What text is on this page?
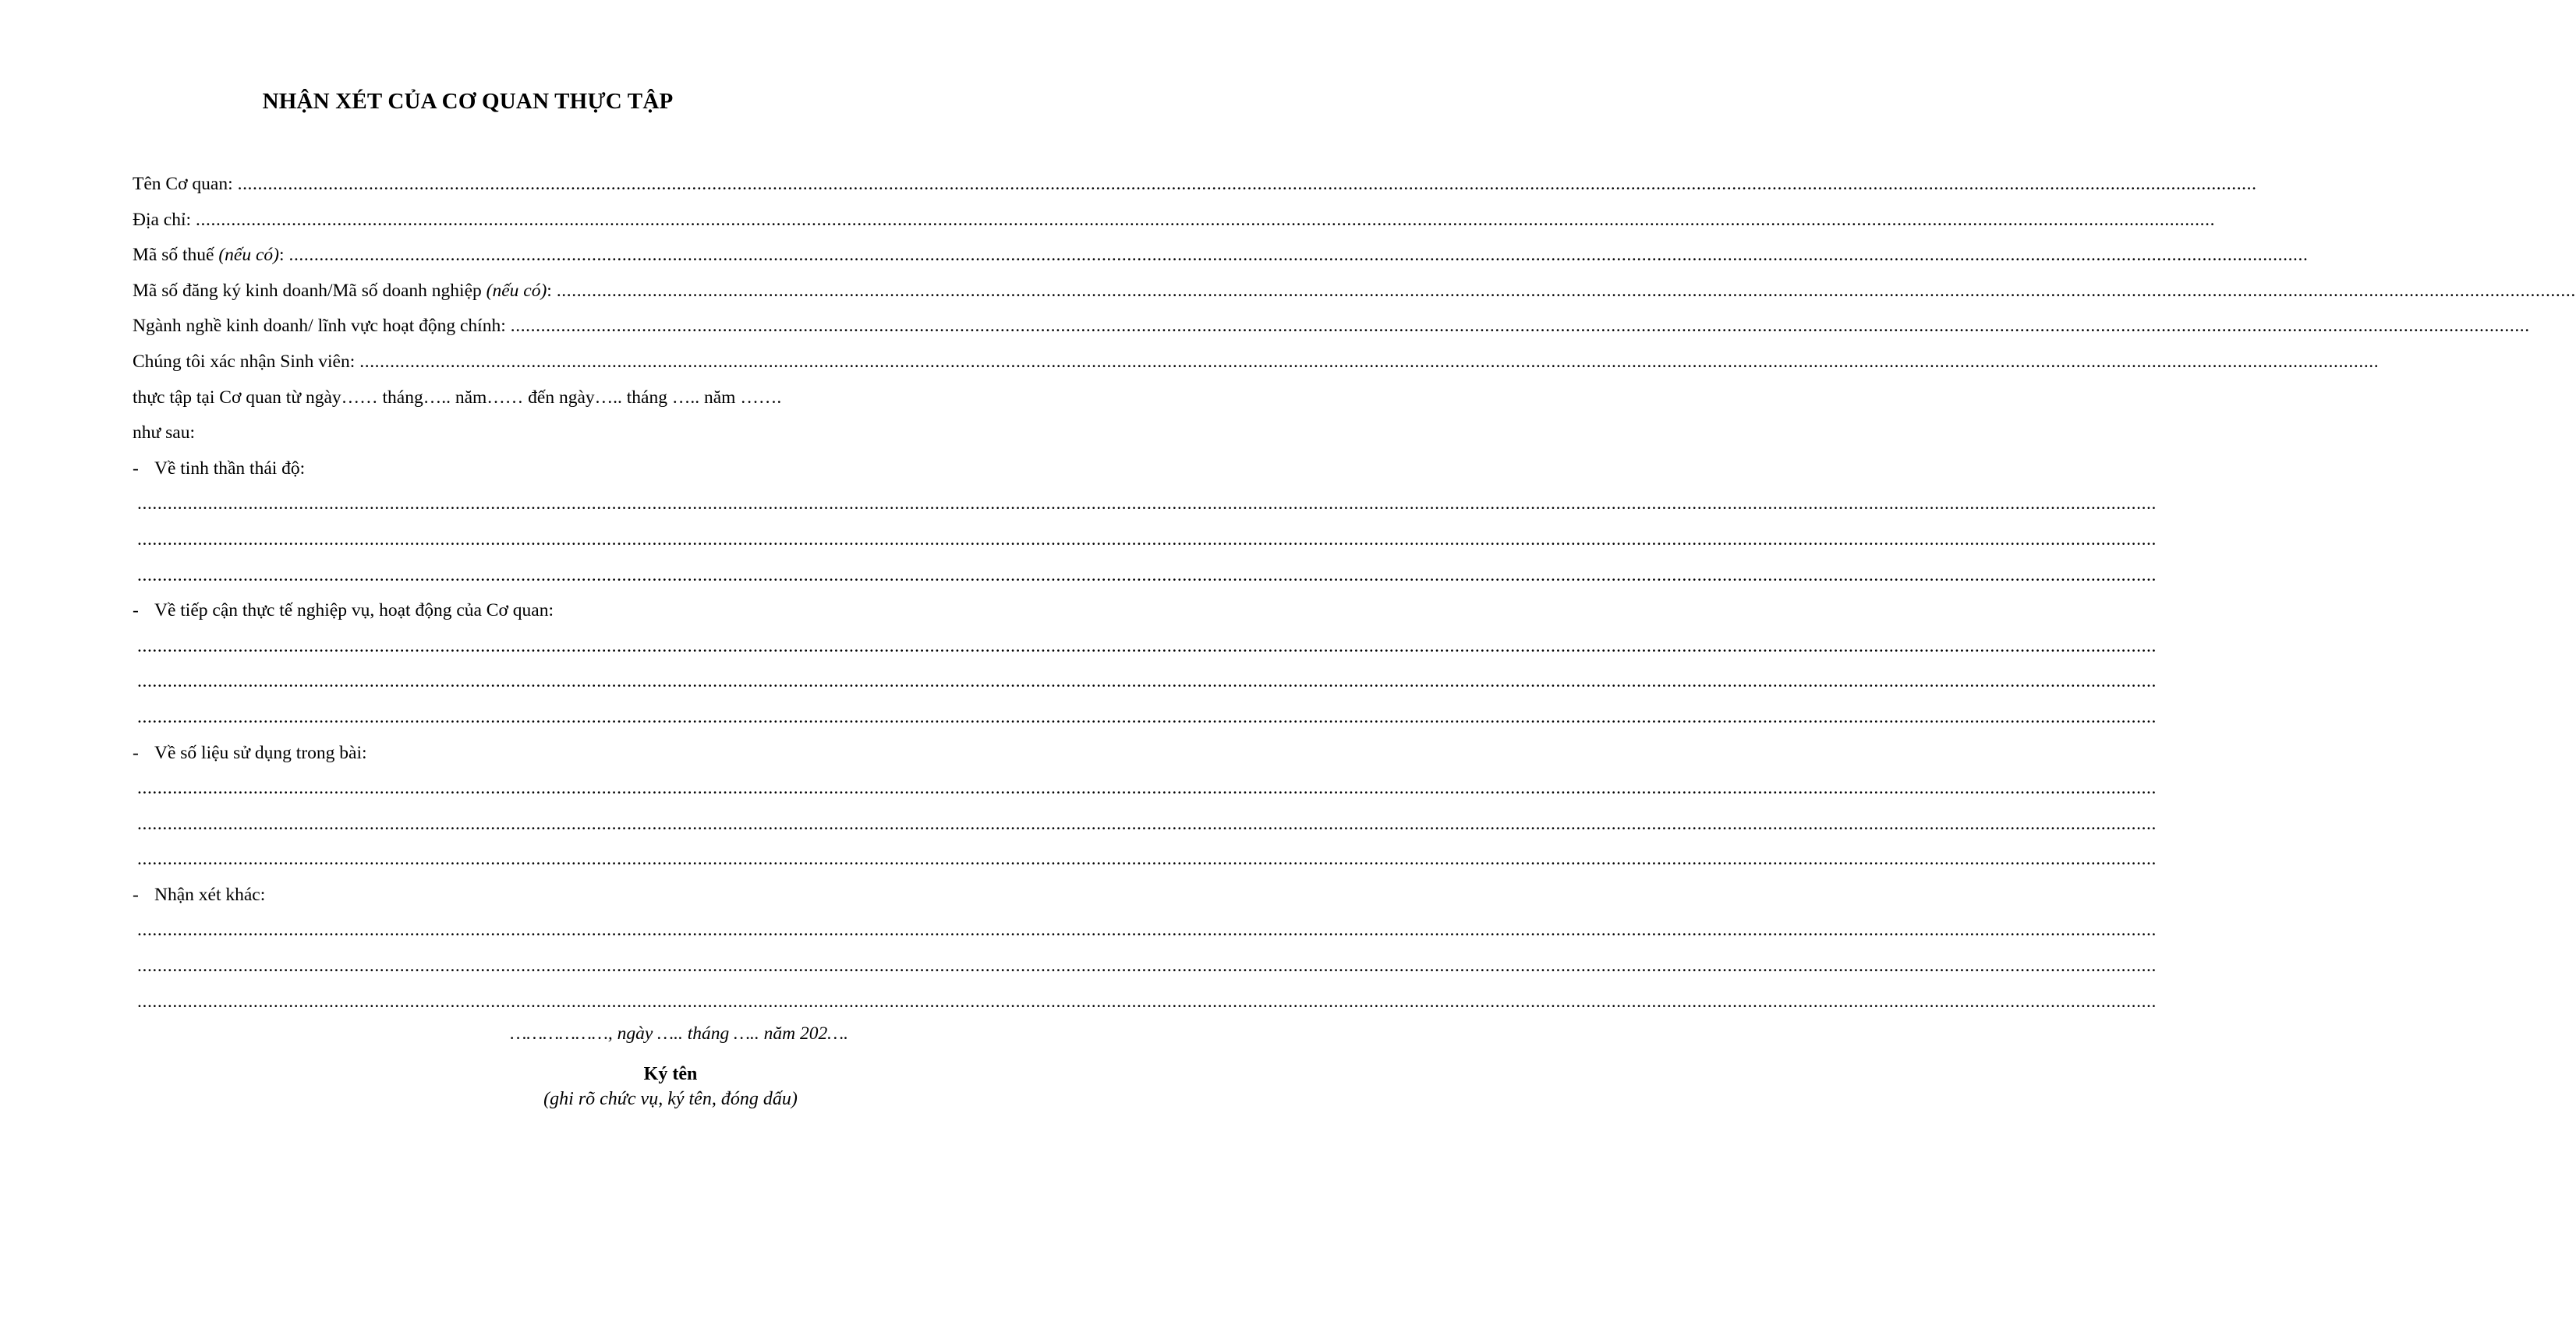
NHẬN XÉT CỦA CƠ QUAN THỰC TẬP
Tên Cơ quan: ................................................................................................................................................................................................................................................................................................................................................................................................................
Địa chỉ: ................................................................................................................................................................................................................................................................................................................................................................................................................
Mã số thuế (nếu có): ................................................................................................................................................................................................................................................................................................................................................................................................................
Mã số đăng ký kinh doanh/Mã số doanh nghiệp (nếu có): ................................................................................................................................................................................................................................................................................................................................................................................................................
Ngành nghề kinh doanh/ lĩnh vực hoạt động chính: ................................................................................................................................................................................................................................................................................................................................................................................................................
Chúng tôi xác nhận Sinh viên: ................................................................................................................................................................................................................................................................................................................................................................................................................
thực tập tại Cơ quan từ ngày…… tháng….. năm…… đến ngày….. tháng ….. năm …….
như sau:
- Về tinh thần thái độ:
................................................................................................................................................................................................................................................................................................................................................................................................................
................................................................................................................................................................................................................................................................................................................................................................................................................
................................................................................................................................................................................................................................................................................................................................................................................................................
- Về tiếp cận thực tế nghiệp vụ, hoạt động của Cơ quan:
................................................................................................................................................................................................................................................................................................................................................................................................................
................................................................................................................................................................................................................................................................................................................................................................................................................
................................................................................................................................................................................................................................................................................................................................................................................................................
- Về số liệu sử dụng trong bài:
................................................................................................................................................................................................................................................................................................................................................................................................................
................................................................................................................................................................................................................................................................................................................................................................................................................
................................................................................................................................................................................................................................................................................................................................................................................................................
- Nhận xét khác:
................................................................................................................................................................................................................................................................................................................................................................................................................
................................................................................................................................................................................................................................................................................................................................................................................................................
................................................................................................................................................................................................................................................................................................................................................................................................................
………………, ngày ….. tháng ….. năm 202….
Ký tên
(ghi rõ chức vụ, ký tên, đóng dấu)
